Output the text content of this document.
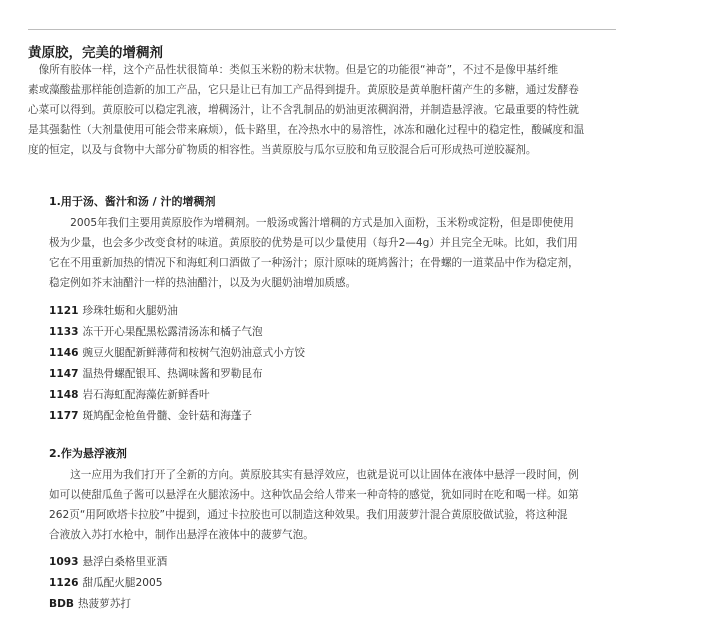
黄原胶，完美的增稠剂
　像所有胶体一样，这个产品性状很简单：类似玉米粉的粉末状物。但是它的功能很“神奇”，不过不是像甲基纤维
素或藻酸盐那样能创造新的加工产品，它只是让已有加工产品得到提升。黄原胶是黄单胞杆菌产生的多糖，通过发酵卷
心菜可以得到。黄原胶可以稳定乳液，增稠汤汁，让不含乳制品的奶油更浓稠润滑，并制造悬浮液。它最重要的特性就
是其强黏性（大剂量使用可能会带来麻烦），低卡路里，在冷热水中的易溶性，冰冻和融化过程中的稳定性，酸碱度和温
度的恒定，以及与食物中大部分矿物质的相容性。当黄原胶与瓜尔豆胶和角豆胶混合后可形成热可逆胶凝剂。
1.用于汤、酱汁和汤 / 汁的增稠剂
　　2005年我们主要用黄原胶作为增稠剂。一般汤或酱汁增稠的方式是加入面粉，玉米粉或淀粉，但是即使使用
极为少量，也会多少改变食材的味道。黄原胶的优势是可以少量使用（每升2—4g）并且完全无味。比如，我们用
它在不用重新加热的情况下和海虹利口酒做了一种汤汁；原汁原味的斑鸠酱汁；在骨螺的一道菜品中作为稳定剂，
稳定例如芥末油醋汁一样的热油醋汁，以及为火腿奶油增加质感。
1121 珍珠牡蛎和火腿奶油
1133 冻干开心果配黑松露清汤冻和橘子气泡
1146 豌豆火腿配新鲜薄荷和桉树气泡奶油意式小方饺
1147 温热骨螺配银耳、热调味酱和罗勒昆布
1148 岩石海虹配海藻佐新鲜香叶
1177 斑鸠配金枪鱼骨髓、金针菇和海蓬子
2.作为悬浮液剂
　　这一应用为我们打开了全新的方向。黄原胶其实有悬浮效应，也就是说可以让固体在液体中悬浮一段时间，例
如可以使甜瓜鱼子酱可以悬浮在火腿浓汤中。这种饮品会给人带来一种奇特的感觉，犹如同时在吃和喝一样。如第
262页“用阿欧塔卡拉胶”中提到，通过卡拉胶也可以制造这种效果。我们用菠萝汁混合黄原胶做试验，将这种混
合液放入苏打水枪中，制作出悬浮在液体中的菠萝气泡。
1093 悬浮白桑格里亚酒
1126 甜瓜配火腿2005
BDB 热菠萝苏打
